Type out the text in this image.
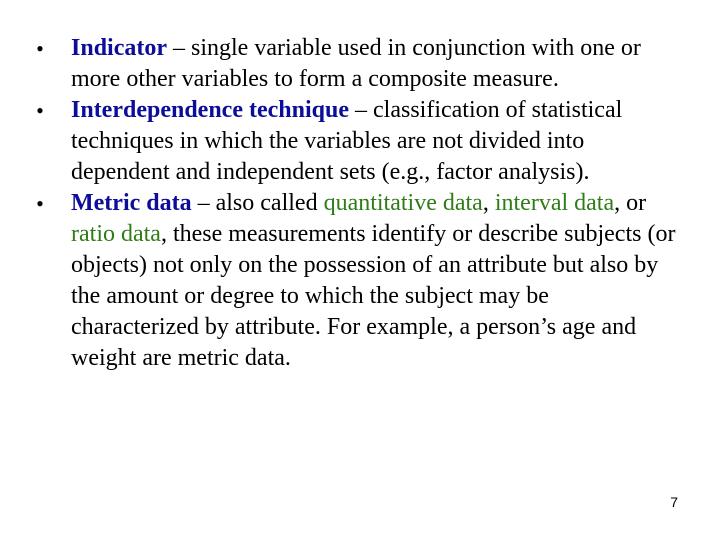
• Indicator – single variable used in conjunction with one or more other variables to form a composite measure.
• Interdependence technique – classification of statistical techniques in which the variables are not divided into dependent and independent sets (e.g., factor analysis).
• Metric data – also called quantitative data, interval data, or ratio data, these measurements identify or describe subjects (or objects) not only on the possession of an attribute but also by the amount or degree to which the subject may be characterized by attribute. For example, a person’s age and weight are metric data.
7
